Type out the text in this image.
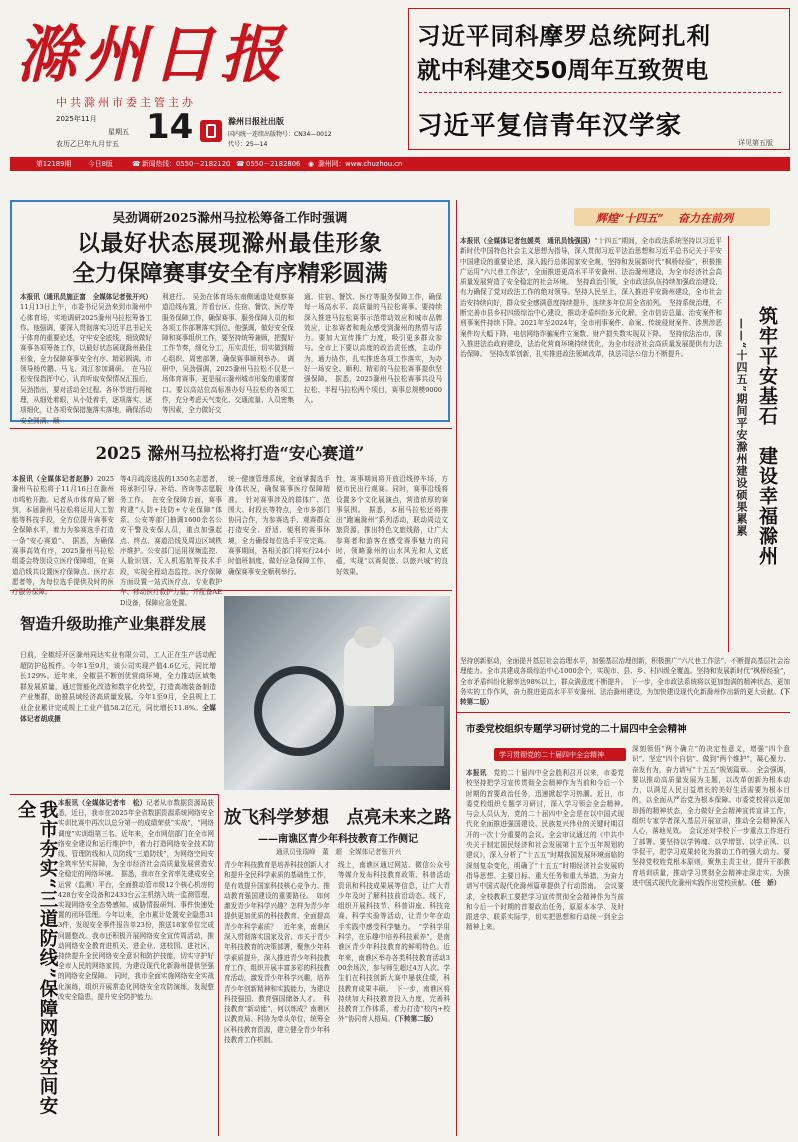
滁州日报
中共滁州市委主管主办
2025年11月
星期五
农历乙巳年九月廿五 14	滁州日报社出版
国内统一连续出版物号：CN34—0012
代号：25—14
习近平同科摩罗总统阿扎利
就中科建交50周年互致贺电
习近平复信青年汉学家
详见第五版
第12189期 今日8版	☎ 新闻热线：0550－2182120 ☎ 0550－2182806 ◉ 滁州网：www.chuzhou.cn
吴劲调研2025滁州马拉松筹备工作时强调
以最好状态展现滁州最佳形象
全力保障赛事安全有序精彩圆满
本报讯（通讯员施正富　全媒体记者张开兴）11月13日上午，市委书记吴劲来到市滁州中心体育场，实地调研2025滁州马拉松筹备工作。他强调，要深入贯彻落实习近平总书记关于体育的重要论述，守牢安全底线，细致做好赛事各项筹备工作，以最好状态展现滁州最佳形象，全力保障赛事安全有序、精彩圆满。市领导杨传鹏、马飞、刘江参加调研。　在马拉松安保指挥中心，认真听取安保情况汇报后，吴劲指出，要对活动全过程、各环节进行再梳理，从细处着眼，从小处着手，逐项落实、逐项细化，让各项安保措施落实落地，确保活动安全圆满、顺
利进行。　吴劲在体育场东南侧通道处观察赛道沿线布置，并看台区、住宿、餐饮、医疗等服务保障工作，确保赛事、服务保障人员的和各项工作部署落实到位。他强调，做好安全保障和赛事组织工作，要坚持统筹兼顾，把握好工作节奏，细化分工，压实责任，切实做到精心组织、周密部署，确保赛事顺利举办。　调研中，吴劲强调，2025滁州马拉松不仅是一场体育赛事，更是展示滁州城市形象的重要窗口。要以高站位高标准办好马拉松的各项工作，充分考虑天气变化、交通流量、人员密集等因素，全力做好交
通、住宿、餐饮、医疗等服务保障工作，确保每一场高水平、高质量的马拉松赛事。要持续深入推进马拉松赛事示范带动效应和城市品牌效应，让参赛者和观众感受到滁州的热情与活力。要加大宣传推广力度，吸引更多群众参与。全市上下要以高度的政治责任感，主动作为，通力协作，扎实推进各项工作落实，为办好一场安全、顺利、精彩的马拉松赛事提供坚强保障。　据悉，2025滁州马拉松赛事共设马拉松、半程马拉松两个项目，赛事总规模9000人。
2025 滁州马拉松将打造“安心赛道”
本报讯（全媒体记者赵静）2025滁州马拉松将于11月16日在滁州市鸣枪开跑。记者从市体育局了解到，本届滁州马拉松将运用人工智能等科技手段，全方位提升赛事安全保障水平，着力为参赛选手打造一条“安心赛道”。　据悉，为确保赛事高效有序，2025滁州马拉松组委会特别设立医疗保障组，在赛道沿线共设置医疗保障点、医疗志愿者等，为每位选手提供及时的医疗服务保障。
等4月疏浚选拔的1350名志愿者，将承担引导、补给、咨询等志愿服务工作。　在安全保障方面，赛事构建“人防+技防+专业保障”体系。公安等部门抽调1600余名公安干警及安保人员，重点加强起点、终点、赛道沿线及周边区域秩序维护。公安部门运用视频监控、人脸识别、无人机巡航等技术手段，实现全程动态监控。医疗保障方面设置一站式医疗点、专业救护车、移动医疗救护力量，并配备AED设备，保障应急处置。
统一健康管理系统，全面掌握选手身体状况，确保赛事医疗保障精准。　针对赛事涉及的群体广、范围大、时段长等特点，全市多部门协同合作，为参赛选手、观赛群众打造安全、舒适、便利的赛事环境，全力确保每位选手平安完赛。赛事期间，各相关部门将实行24小时值班制度，做好应急保障工作，确保赛事安全顺利举行。
性，赛事期间将开放沿线停车场，方便市民出行观赛。同时，赛事沿线将设置多个文化展演点，营造浓厚的赛事氛围。　据悉，本届马拉松还将推出“跑遍滁州”系列活动，联动周边文旅资源，推出特色文旅线路，让广大参赛者和游客在感受赛事魅力的同时，领略滁州的山水风光和人文底蕴，实现“以赛促旅、以旅兴城”的良好效果。
智造升级助推产业集群发展
日前，全椒经开区滁州同达实业有限公司，工人正在生产活动配超防护毡板件。今年1至9月，该公司实现产值4.6亿元，同比增长129%。近年来，全椒县不断创优营商环境，全力推动区域集群发展质量，通过智能化改造和数字化转型，打造高端装备制造产业集群，助推县域经济高质量发展。今年1至9月，全县规上工业企业累计完成规上工业产值58.2亿元，同比增长11.8%。全媒体记者胡成摄
我市夯实“三道防线”保障网络空间安全	本报讯（全媒体记者韦　松）记者从市数据资源局获悉，近日，我市在2025年全省数据资源系统网络安全实训比赛中再次以总分第一的成绩荣获“实战”，“网络调度”实训组第三名。近年来，全市网信部门在全市网络安全建设和运行维护中，着力打造网络安全技术防线、管理防线和人员防线“三道防线”，为网络空间安全筑牢坚实屏障，为全市经济社会高质量发展营造安全稳定的网络环境。　据悉，我市在全省率先建成安全运营（监测）平台，全面推动管市级12个核心机房的428台安全设备和2433台云主机纳入统一监测管理，实现网络安全态势感知、威胁情报研判、事件快速处置的闭环管理。今年以来，全市累计处置安全隐患313件，发现安全事件报告单23份，推送18家单位完成问题整改。我市还积极开展网络安全宣传周活动，推动网络安全教育进机关、进企业、进校园、进社区，持续提升全民网络安全意识和防护技能，切实守护好全市人民的网络家园，为建设现代化新滁州提供坚强的网络安全保障。　同时，我市全面实施网络安全实战化演练，组织开展常态化网络安全攻防演练，发现整改安全隐患，提升安全防护能力。
放飞科学梦想　点亮未来之路
——南谯区青少年科技教育工作侧记
通讯员张瑞峰　董　超　全媒体记者张开兴
青少年科技教育是培养科技创新人才和提升全民科学素质的基础性工作，是有效提升国家科技核心竞争力、推动教育强国建设的重要路径。　如何激发青少年科学兴趣？怎样为青少年提供更加优质的科技教育、全面提高青少年科学素质？　近年来，南谯区深入贯彻落实国家及省、市关于青少年科技教育的决策部署，聚焦少年科学素质提升，深入推进青少年科技教育工作，组织开展丰富多彩的科技教育活动，激发青少年科学兴趣，培养青少年创新精神和实践能力，为建设科技强国、教育强国储备人才。　科技教育“新动能”，何以炼成？南谯区以教育局、科协为牵头单位，统筹全区科技教育资源，建立健全青少年科技教育工作机制。
线上，南谯区通过网站、微信公众号等媒介发布科技教育政策、科普活动资讯和科技成果展等信息，让广大青少年及时了解科技前沿动态。线下，组织开展科技节、科普讲座、科技竞赛、科学实验等活动，让青少年在动手实践中感受科学魅力。　“学科学用科学，在乐趣中培养科技素养”，是南谯区青少年科技教育的鲜明特色。近年来，南谯区举办各类科技教育活动300余场次，参与师生超过4万人次。学生们在科技创新大赛中屡获佳绩，科技教育成果丰硕。　下一步，南谯区将持续加大科技教育投入力度，完善科技教育工作体系，着力打造“校内+校外”协同育人格局。（下转第二版）
辉煌“十四五” 奋力在前列
本报讯（全媒体记者包媛英　通讯员钱强国）“十四五”期间，全市政法系统坚持以习近平新时代中国特色社会主义思想为指导，深入贯彻习近平法治思想和习近平总书记关于平安中国建设的重要论述，深入践行总体国家安全观，坚持和发展新时代“枫桥经验”，积极推广运用“六尺巷工作法”，全面推进更高水平平安滁州、法治滁州建设，为全市经济社会高质量发展营造了安全稳定的社会环境。　坚持政治引领，全市政法队伍持续加强政治建设，有力确保了党对政法工作的绝对领导。坚持人民至上，深入推进平安滁州建设，全市社会治安持续向好，群众安全感满意度持续提升，连续多年位居全省前列。　坚持系统治理，不断完善市县乡村四级综治中心建设，推动矛盾纠纷多元化解，全市信访总量、治安案件和刑事案件持续下降。2021年至2024年，全市刑事案件、命案、传统侵财案件、涉黑涉恶案件均大幅下降，电信网络诈骗案件立案数、财产损失数实现双下降。　坚持依法治市，深入推进法治政府建设，法治化营商环境持续优化，为全市经济社会高质量发展提供有力法治保障。　坚持改革创新，扎实推进政法领域改革，执法司法公信力不断提升。	筑牢平安基石　建设幸福滁州
——“十四五”期间平安滁州建设硕果累累
坚持创新驱动，全面提升基层社会治理水平，加强基层治理创新，积极推广“六尺巷工作法”，不断提高基层社会治理能力。全市共建成各级综治中心1000余个，实现市、县、乡、村四级全覆盖。坚持和发展新时代“枫桥经验”，全市矛盾纠纷化解率达98%以上，群众满意度不断提升。　下一步，全市政法系统将以更加饱满的精神状态、更加务实的工作作风，奋力推进更高水平平安滁州、法治滁州建设，为加快建设现代化新滁州作出新的更大贡献。（下转第二版）
市委党校组织专题学习研讨党的二十届四中全会精神
学习贯彻党的二十届四中全会精神
本报讯　 党的二十届四中全会胜利召开以来，市委党校坚持把学习宣传贯彻全会精神作为当前和今后一个时期的首要政治任务，迅速掀起学习热潮。近日，市委党校组织专题学习研讨，深入学习领会全会精神。　与会人员认为，党的二十届四中全会是在以中国式现代化全面推进强国建设、民族复兴伟业的关键时期召开的一次十分重要的会议。全会审议通过的《中共中央关于制定国民经济和社会发展第十五个五年规划的建议》，深入分析了“十五五”时期我国发展环境面临的深刻复杂变化，明确了“十五五”时期经济社会发展的指导思想、主要目标、重大任务和重大举措，为奋力谱写中国式现代化滁州篇章提供了行动指南。　会议要求，全校教职工要把学习宣传贯彻全会精神作为当前和今后一个时期的首要政治任务，原原本本学、及时跟进学、联系实际学，切实把思想和行动统一到全会精神上来。
深刻领悟“两个确立”的决定性意义，增强“四个意识”、坚定“四个自信”、做到“两个维护”，凝心聚力、奋发有为，奋力谱写“十五五”规划篇章。　全会强调，要以推动高质量发展为主题，以改革创新为根本动力，以满足人民日益增长的美好生活需要为根本目的，以全面从严治党为根本保障。市委党校将以更加昂扬的精神状态，全力做好全会精神宣传宣讲工作，组织专家学者深入基层开展宣讲，推动全会精神深入人心，落地见效。　会议还对学校下一步重点工作进行了部署。要坚持以学铸魂、以学增智、以学正风、以学促干，把学习成果转化为推动工作的强大动力。要坚持党校姓党根本原则，聚焦主责主业，提升干部教育培训质量，推动学习贯彻全会精神走深走实，为推进中国式现代化滁州实践作出党校贡献。（任　娇）
